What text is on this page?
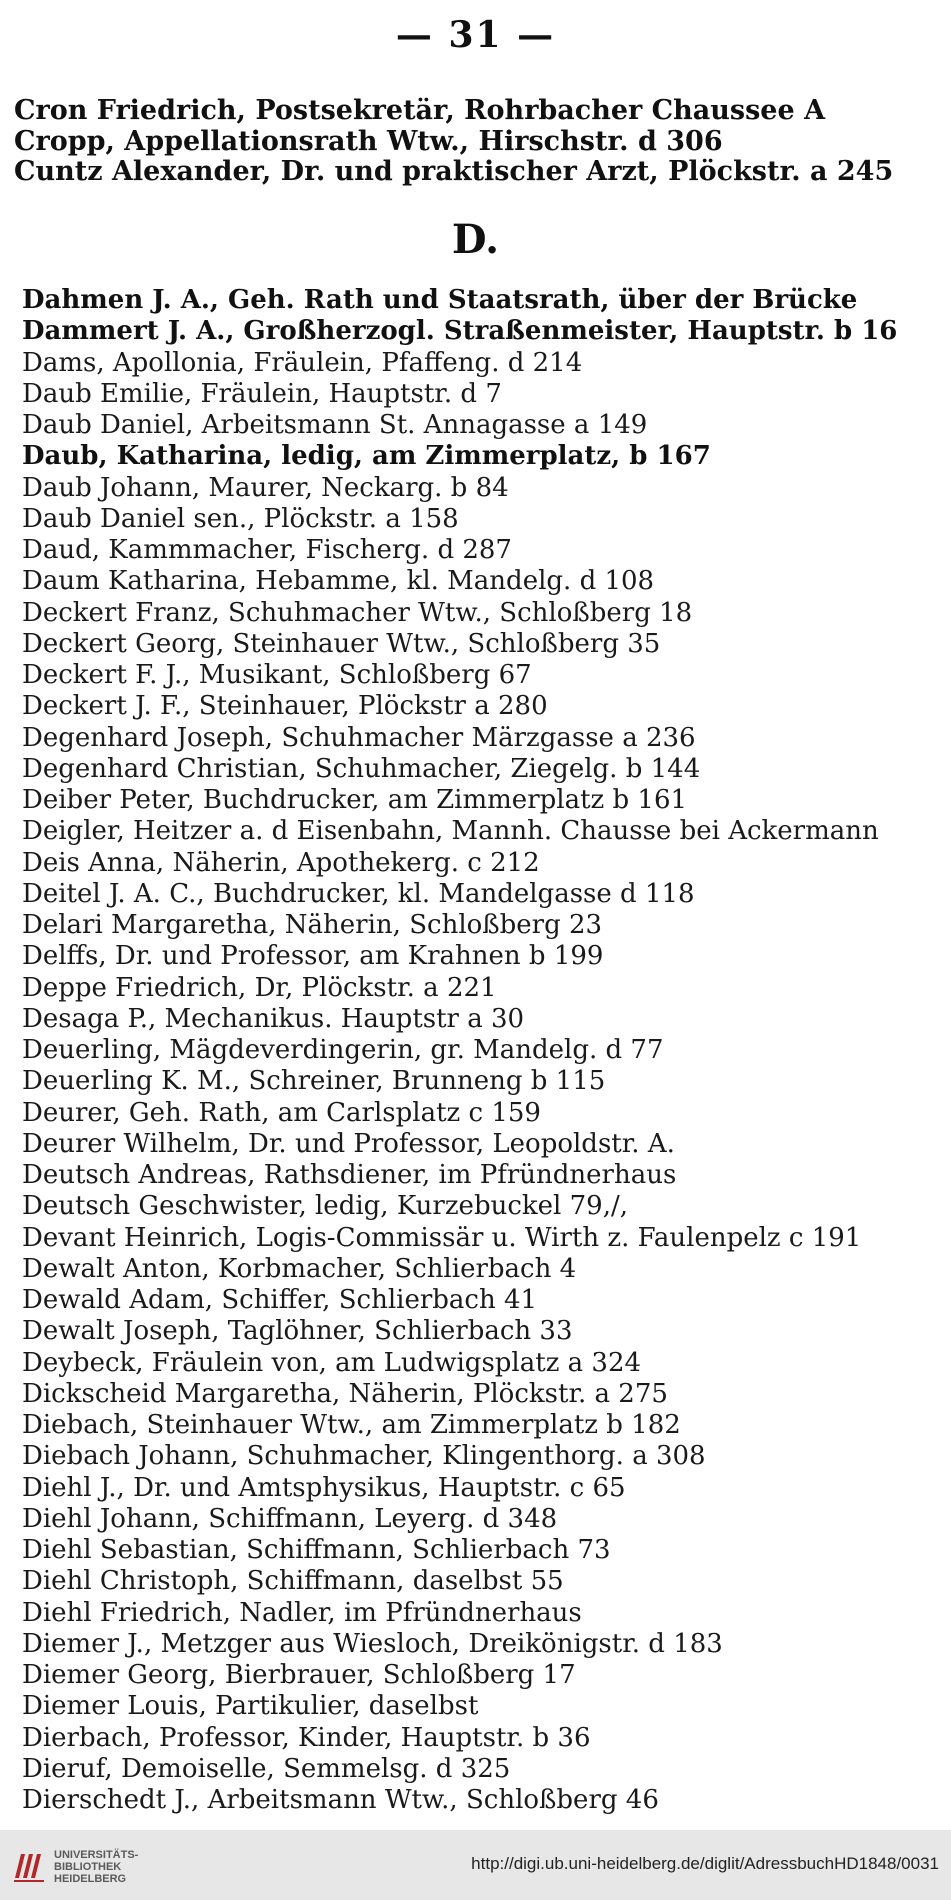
— 31 —
Cron Friedrich, Postsekretär, Rohrbacher Chaussee A
Cropp, Appellationsrath Wtw., Hirschstr. d 306
Cuntz Alexander, Dr. und praktischer Arzt, Plöckstr. a 245
D.
Dahmen J. A., Geh. Rath und Staatsrath, über der Brücke
Dammert J. A., Großherzogl. Straßenmeister, Hauptstr. b 16
Dams, Apollonia, Fräulein, Pfaffeng. d 214
Daub Emilie, Fräulein, Hauptstr. d 7
Daub Daniel, Arbeitsmann St. Annagasse a 149
Daub, Katharina, ledig, am Zimmerplatz, b 167
Daub Johann, Maurer, Neckarg. b 84
Daub Daniel sen., Plöckstr. a 158
Daud, Kammmacher, Fischerg. d 287
Daum Katharina, Hebamme, kl. Mandelg. d 108
Deckert Franz, Schuhmacher Wtw., Schloßberg 18
Deckert Georg, Steinhauer Wtw., Schloßberg 35
Deckert F. J., Musikant, Schloßberg 67
Deckert J. F., Steinhauer, Plöckstr a 280
Degenhard Joseph, Schuhmacher Märzgasse a 236
Degenhard Christian, Schuhmacher, Ziegelg. b 144
Deiber Peter, Buchdrucker, am Zimmerplatz b 161
Deigler, Heitzer a. d Eisenbahn, Mannh. Chausse bei Ackermann
Deis Anna, Näherin, Apothekerg. c 212
Deitel J. A. C., Buchdrucker, kl. Mandelgasse d 118
Delari Margaretha, Näherin, Schloßberg 23
Delffs, Dr. und Professor, am Krahnen b 199
Deppe Friedrich, Dr, Plöckstr. a 221
Desaga P., Mechanikus. Hauptstr a 30
Deuerling, Mägdeverdingerin, gr. Mandelg. d 77
Deuerling K. M., Schreiner, Brunneng b 115
Deurer, Geh. Rath, am Carlsplatz c 159
Deurer Wilhelm, Dr. und Professor, Leopoldstr. A.
Deutsch Andreas, Rathsdiener, im Pfründnerhaus
Deutsch Geschwister, ledig, Kurzebuckel 79,/,
Devant Heinrich, Logis-Commissär u. Wirth z. Faulenpelz c 191
Dewalt Anton, Korbmacher, Schlierbach 4
Dewald Adam, Schiffer, Schlierbach 41
Dewalt Joseph, Taglöhner, Schlierbach 33
Deybeck, Fräulein von, am Ludwigsplatz a 324
Dickscheid Margaretha, Näherin, Plöckstr. a 275
Diebach, Steinhauer Wtw., am Zimmerplatz b 182
Diebach Johann, Schuhmacher, Klingenthorg. a 308
Diehl J., Dr. und Amtsphysikus, Hauptstr. c 65
Diehl Johann, Schiffmann, Leyerg. d 348
Diehl Sebastian, Schiffmann, Schlierbach 73
Diehl Christoph, Schiffmann, daselbst 55
Diehl Friedrich, Nadler, im Pfründnerhaus
Diemer J., Metzger aus Wiesloch, Dreikönigstr. d 183
Diemer Georg, Bierbrauer, Schloßberg 17
Diemer Louis, Partikulier, daselbst
Dierbach, Professor, Kinder, Hauptstr. b 36
Dieruf, Demoiselle, Semmelsg. d 325
Dierschedt J., Arbeitsmann Wtw., Schloßberg 46
UNIVERSITÄTS-
BIBLIOTHEK
HEIDELBERG
http://digi.ub.uni-heidelberg.de/diglit/AdressbuchHD1848/0031
